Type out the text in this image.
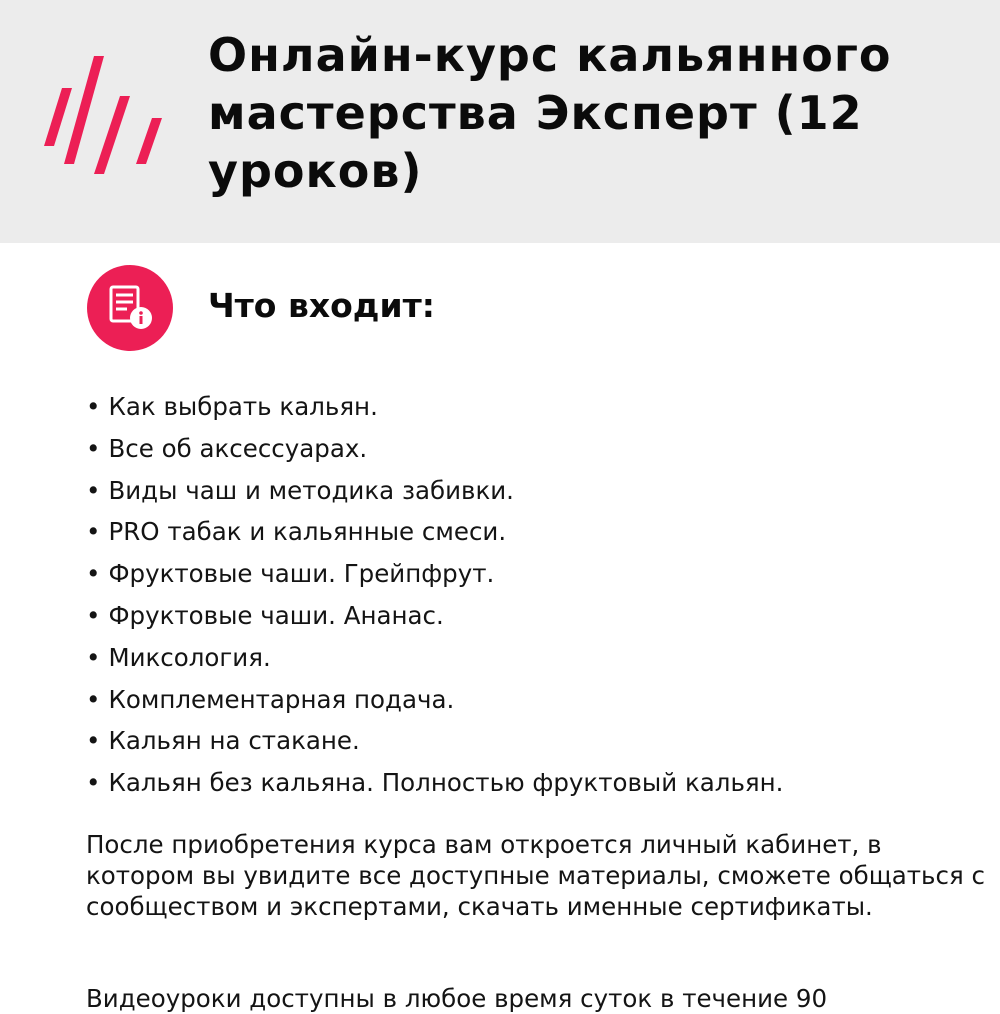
Онлайн-курс кальянного мастерства Эксперт (12 уроков)
Что входит:
• Как выбрать кальян.
• Все об аксессуарах.
• Виды чаш и методика забивки.
• PRO табак и кальянные смеси.
• Фруктовые чаши. Грейпфрут.
• Фруктовые чаши. Ананас.
• Миксология.
• Комплементарная подача.
• Кальян на стакане.
• Кальян без кальяна. Полностью фруктовый кальян.

После приобретения курса вам откроется личный кабинет, в котором вы увидите все доступные материалы, сможете общаться с сообществом и экспертами, скачать именные сертификаты.

Видеоуроки доступны в любое время суток в течение 90
